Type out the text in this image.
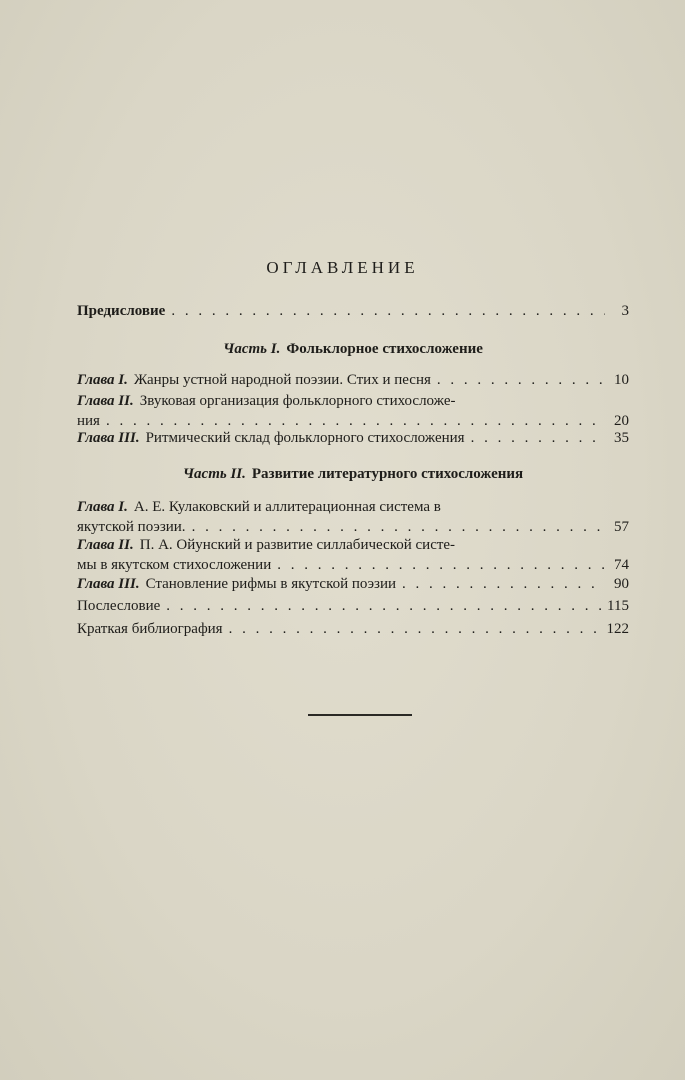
ОГЛАВЛЕНИЕ
Предисловие . . .	3
Часть I. Фольклорное стихосложение
Глава I. Жанры устной народной поэзии. Стих и песня . . .	10
Глава II. Звуковая организация фольклорного стихосложе-
ния . . .	20
Глава III. Ритмический склад фольклорного стихосложения . . .	35
Часть II. Развитие литературного стихосложения
Глава I. А. Е. Кулаковский и аллитерационная система в
якутской поэзии. . . .	57
Глава II. П. А. Ойунский и развитие силлабической систе-
мы в якутском стихосложении . . .	74
Глава III. Становление рифмы в якутской поэзии . . .	90
Послесловие . . .	115
Краткая библиография . . .	122
